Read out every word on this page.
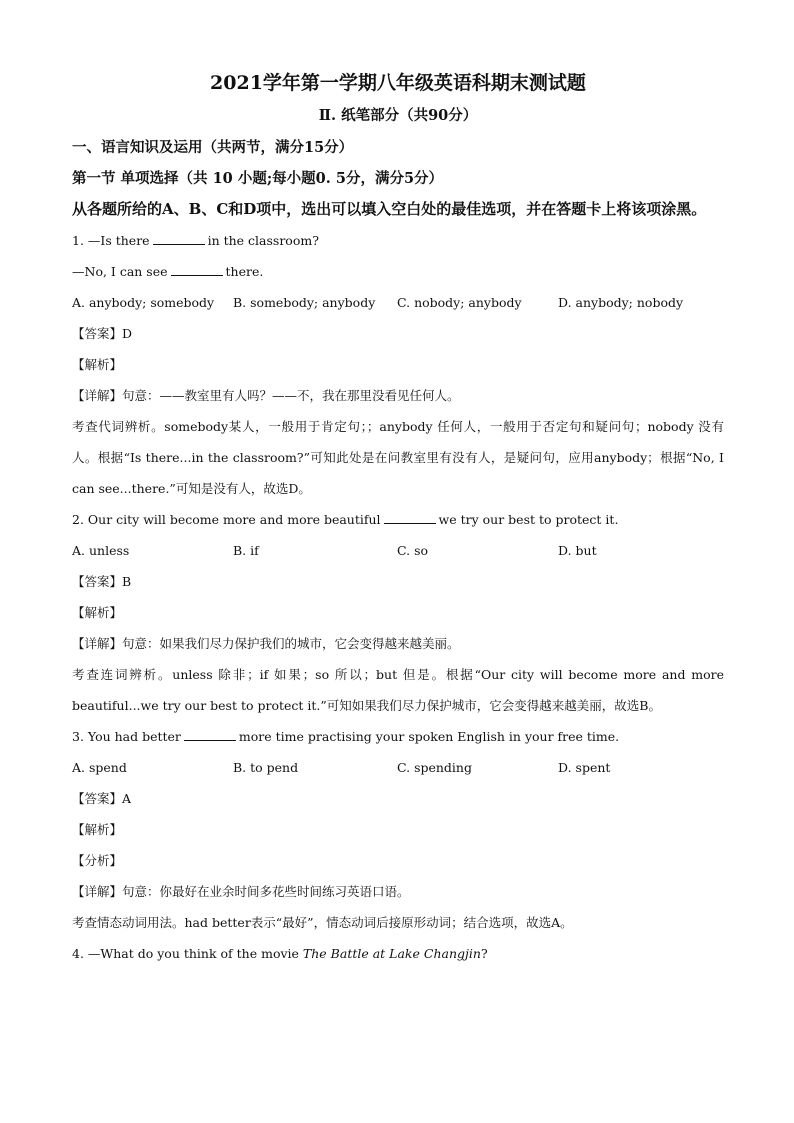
2021学年第一学期八年级英语科期末测试题
Ⅱ. 纸笔部分（共90分）
一、语言知识及运用（共两节，满分15分）
第一节 单项选择（共 10 小题;每小题0. 5分，满分5分）
从各题所给的A、B、C和D项中，选出可以填入空白处的最佳选项，并在答题卡上将该项涂黑。
1. —Is there	in the classroom?
—No, I can see	there.
A. anybody; somebody	B. somebody; anybody	C. nobody; anybody	D. anybody; nobody
【答案】D
【解析】
【详解】句意：——教室里有人吗？——不，我在那里没看见任何人。
考查代词辨析。somebody某人，一般用于肯定句；；anybody 任何人，一般用于否定句和疑问句；nobody 没有人。根据“Is there...in the classroom?”可知此处是在问教室里有没有人，是疑问句，应用anybody；根据“No, I can see...there.”可知是没有人，故选D。
2. Our city will become more and more beautiful	we try our best to protect it.
A. unless	B. if	C. so	D. but
【答案】B
【解析】
【详解】句意：如果我们尽力保护我们的城市，它会变得越来越美丽。
考查连词辨析。unless 除非；if 如果；so 所以；but 但是。根据“Our city will become more and more beautiful...we try our best to protect it.”可知如果我们尽力保护城市，它会变得越来越美丽，故选B。
3. You had better	more time practising your spoken English in your free time.
A. spend	B. to pend	C. spending	D. spent
【答案】A
【解析】
【分析】
【详解】句意：你最好在业余时间多花些时间练习英语口语。
考查情态动词用法。had better表示“最好”，情态动词后接原形动词；结合选项，故选A。
4. —What do you think of the movie The Battle at Lake Changjin?
